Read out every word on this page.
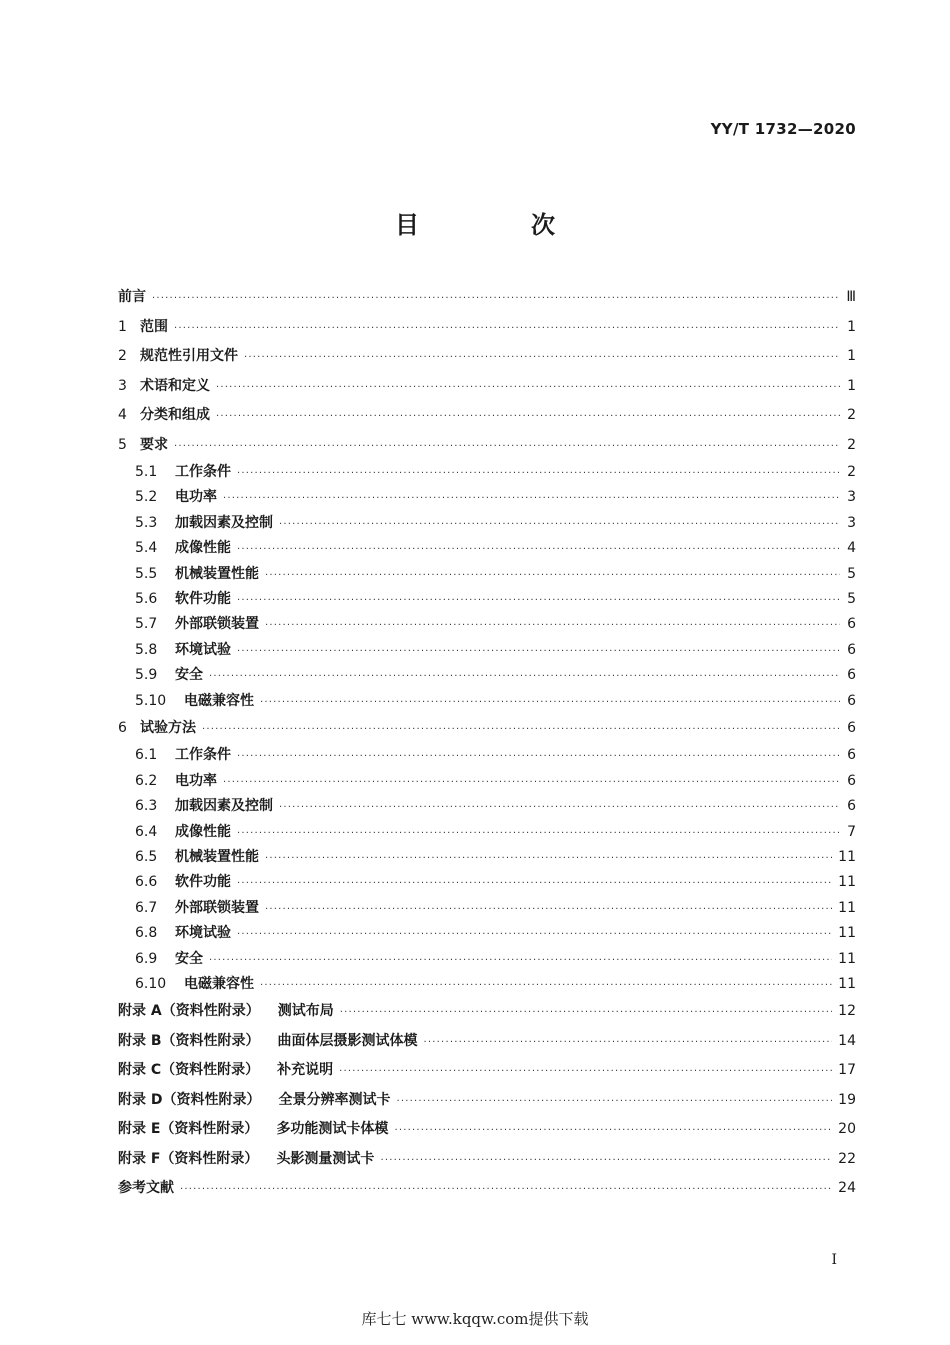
YY/T 1732—2020
目　次
前言 ·····	Ⅲ
1 范围 ·····	1
2 规范性引用文件 ·····	1
3 术语和定义 ·····	1
4 分类和组成 ·····	2
5 要求 ·····	2
5.1	工作条件 ·····	2
5.2	电功率 ·····	3
5.3	加载因素及控制 ·····	3
5.4	成像性能 ·····	4
5.5	机械装置性能 ·····	5
5.6	软件功能 ·····	5
5.7	外部联锁装置 ·····	6
5.8	环境试验 ·····	6
5.9	安全 ·····	6
5.10	电磁兼容性 ·····	6
6 试验方法 ·····	6
6.1	工作条件 ·····	6
6.2	电功率 ·····	6
6.3	加载因素及控制 ·····	6
6.4	成像性能 ·····	7
6.5	机械装置性能 ·····	11
6.6	软件功能 ·····	11
6.7	外部联锁装置 ·····	11
6.8	环境试验 ·····	11
6.9	安全 ·····	11
6.10	电磁兼容性 ·····	11
附录 A（资料性附录） 测试布局 ·····	12
附录 B（资料性附录） 曲面体层摄影测试体模 ·····	14
附录 C（资料性附录） 补充说明 ·····	17
附录 D（资料性附录） 全景分辨率测试卡 ·····	19
附录 E（资料性附录） 多功能测试卡体模 ·····	20
附录 F（资料性附录） 头影测量测试卡 ·····	22
参考文献 ·····	24
I
库七七 www.kqqw.com提供下载
